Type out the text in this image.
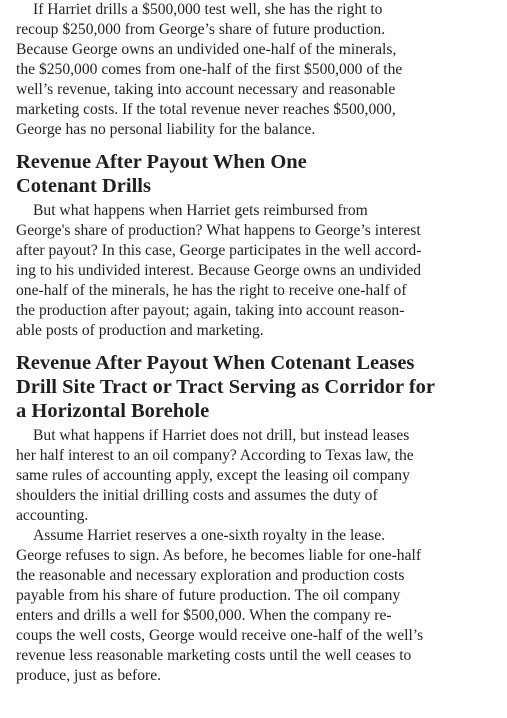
If Harriet drills a $500,000 test well, she has the right to
recoup $250,000 from George’s share of future production.
Because George owns an undivided one-half of the minerals,
the $250,000 comes from one-half of the first $500,000 of the
well’s revenue, taking into account necessary and reasonable
marketing costs. If the total revenue never reaches $500,000,
George has no personal liability for the balance.

Revenue After Payout When One
Cotenant Drills

But what happens when Harriet gets reimbursed from
George's share of production? What happens to George’s interest
after payout? In this case, George participates in the well accord-
ing to his undivided interest. Because George owns an undivided
one-half of the minerals, he has the right to receive one-half of
the production after payout; again, taking into account reason-
able posts of production and marketing.

Revenue After Payout When Cotenant Leases
Drill Site Tract or Tract Serving as Corridor for
a Horizontal Borehole

But what happens if Harriet does not drill, but instead leases
her half interest to an oil company? According to Texas law, the
same rules of accounting apply, except the leasing oil company
shoulders the initial drilling costs and assumes the duty of
accounting.

Assume Harriet reserves a one-sixth royalty in the lease.
George refuses to sign. As before, he becomes liable for one-half
the reasonable and necessary exploration and production costs
payable from his share of future production. The oil company
enters and drills a well for $500,000. When the company re-
coups the well costs, George would receive one-half of the well’s
revenue less reasonable marketing costs until the well ceases to
produce, just as before.
